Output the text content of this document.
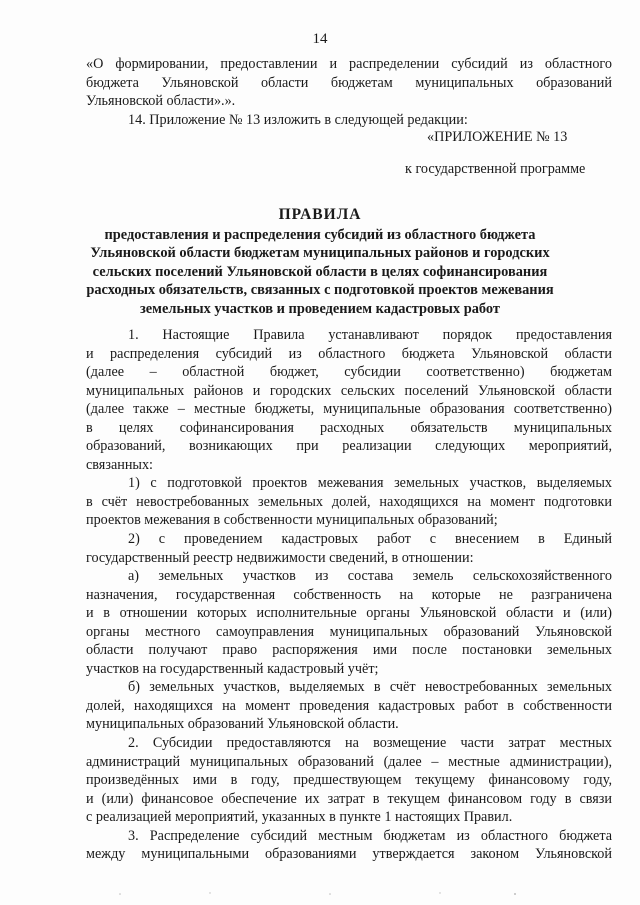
14
«О формировании, предоставлении и распределении субсидий из областного
бюджета Ульяновской области бюджетам муниципальных образований
Ульяновской области».».
14. Приложение № 13 изложить в следующей редакции:
«ПРИЛОЖЕНИЕ № 13
к государственной программе
ПРАВИЛА
предоставления и распределения субсидий из областного бюджета
Ульяновской области бюджетам муниципальных районов и городских
сельских поселений Ульяновской области в целях софинансирования
расходных обязательств, связанных с подготовкой проектов межевания
земельных участков и проведением кадастровых работ
1. Настоящие Правила устанавливают порядок предоставления
и распределения субсидий из областного бюджета Ульяновской области
(далее – областной бюджет, субсидии соответственно) бюджетам
муниципальных районов и городских сельских поселений Ульяновской области
(далее также – местные бюджеты, муниципальные образования соответственно)
в целях софинансирования расходных обязательств муниципальных
образований, возникающих при реализации следующих мероприятий,
связанных:
1) с подготовкой проектов межевания земельных участков, выделяемых
в счёт невостребованных земельных долей, находящихся на момент подготовки
проектов межевания в собственности муниципальных образований;
2) с проведением кадастровых работ с внесением в Единый
государственный реестр недвижимости сведений, в отношении:
а) земельных участков из состава земель сельскохозяйственного
назначения, государственная собственность на которые не разграничена
и в отношении которых исполнительные органы Ульяновской области и (или)
органы местного самоуправления муниципальных образований Ульяновской
области получают право распоряжения ими после постановки земельных
участков на государственный кадастровый учёт;
б) земельных участков, выделяемых в счёт невостребованных земельных
долей, находящихся на момент проведения кадастровых работ в собственности
муниципальных образований Ульяновской области.
2. Субсидии предоставляются на возмещение части затрат местных
администраций муниципальных образований (далее – местные администрации),
произведённых ими в году, предшествующем текущему финансовому году,
и (или) финансовое обеспечение их затрат в текущем финансовом году в связи
с реализацией мероприятий, указанных в пункте 1 настоящих Правил.
3. Распределение субсидий местным бюджетам из областного бюджета
между муниципальными образованиями утверждается законом Ульяновской
